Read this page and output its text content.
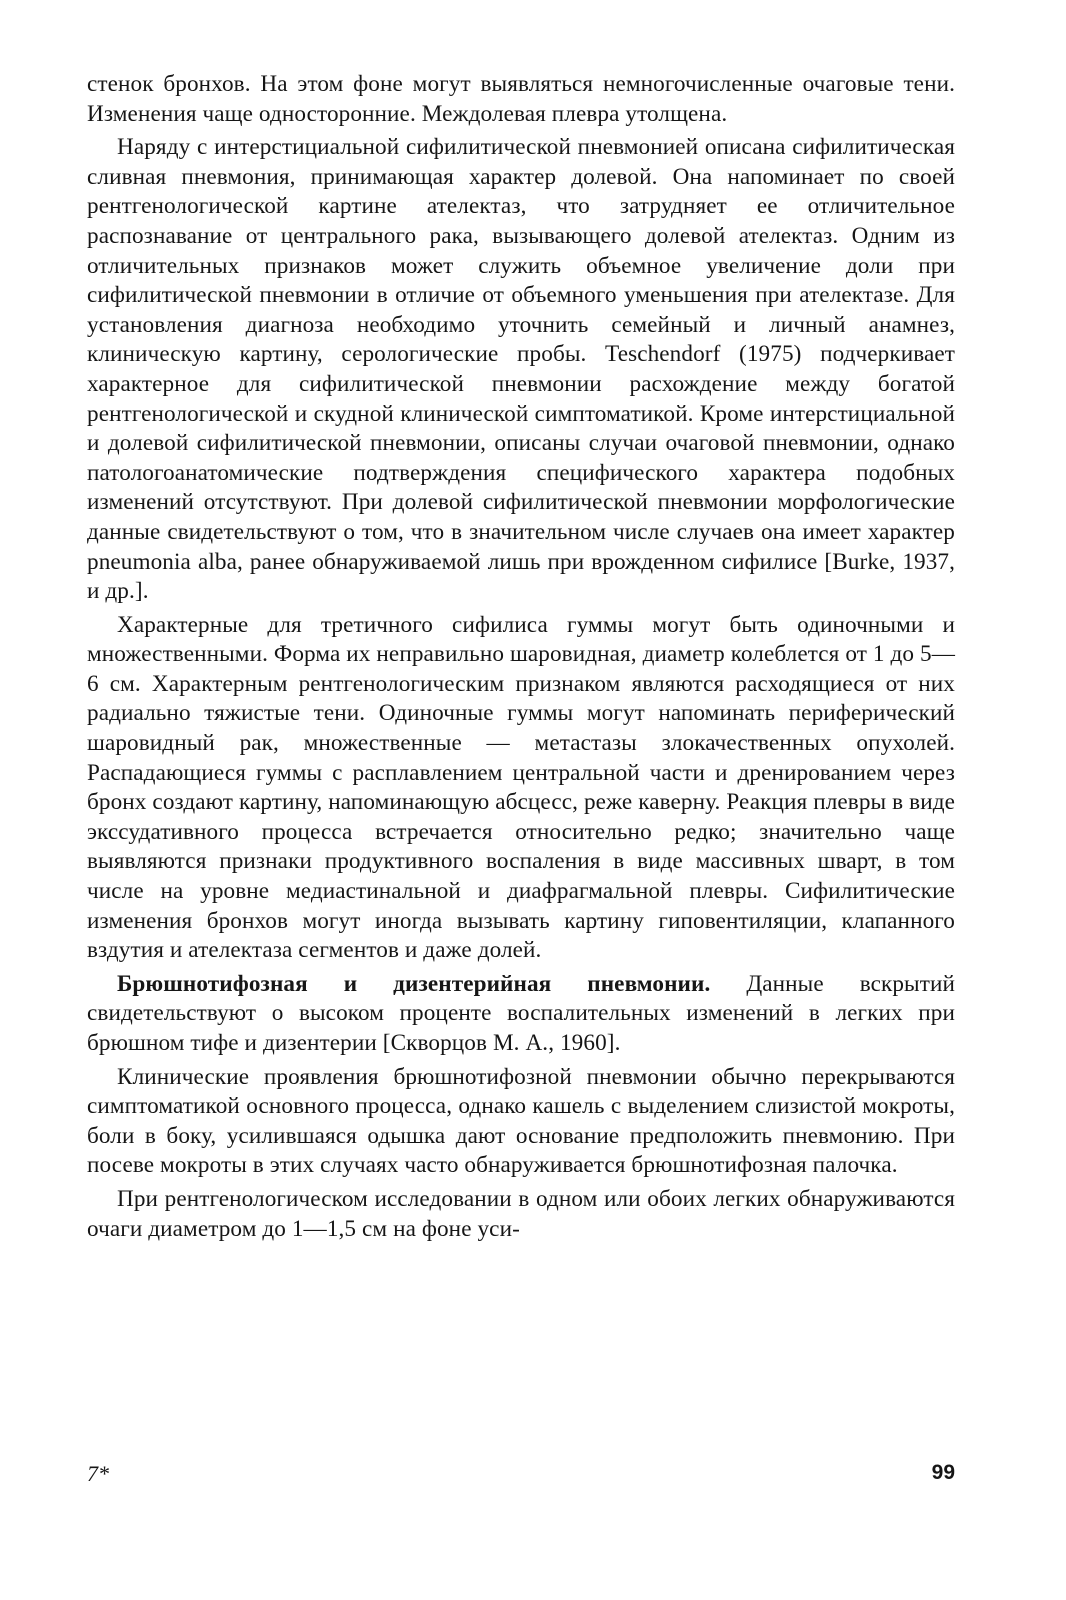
стенок бронхов. На этом фоне могут выявляться немногочисленные очаговые тени. Изменения чаще односторонние. Междолевая плевра утолщена.

Наряду с интерстициальной сифилитической пневмонией описана сифилитическая сливная пневмония, принимающая характер долевой. Она напоминает по своей рентгенологической картине ателектаз, что затрудняет ее отличительное распознавание от центрального рака, вызывающего долевой ателектаз. Одним из отличительных признаков может служить объемное увеличение доли при сифилитической пневмонии в отличие от объемного уменьшения при ателектазе. Для установления диагноза необходимо уточнить семейный и личный анамнез, клиническую картину, серологические пробы. Teschendorf (1975) подчеркивает характерное для сифилитической пневмонии расхождение между богатой рентгенологической и скудной клинической симптоматикой. Кроме интерстициальной и долевой сифилитической пневмонии, описаны случаи очаговой пневмонии, однако патологоанатомические подтверждения специфического характера подобных изменений отсутствуют. При долевой сифилитической пневмонии морфологические данные свидетельствуют о том, что в значительном числе случаев она имеет характер pneumonia alba, ранее обнаруживаемой лишь при врожденном сифилисе [Burke, 1937, и др.].

Характерные для третичного сифилиса гуммы могут быть одиночными и множественными. Форма их неправильно шаровидная, диаметр колеблется от 1 до 5—6 см. Характерным рентгенологическим признаком являются расходящиеся от них радиально тяжистые тени. Одиночные гуммы могут напоминать периферический шаровидный рак, множественные — метастазы злокачественных опухолей. Распадающиеся гуммы с расплавлением центральной части и дренированием через бронх создают картину, напоминающую абсцесс, реже каверну. Реакция плевры в виде экссудативного процесса встречается относительно редко; значительно чаще выявляются признаки продуктивного воспаления в виде массивных шварт, в том числе на уровне медиастинальной и диафрагмальной плевры. Сифилитические изменения бронхов могут иногда вызывать картину гиповентиляции, клапанного вздутия и ателектаза сегментов и даже долей.

Брюшнотифозная и дизентерийная пневмонии. Данные вскрытий свидетельствуют о высоком проценте воспалительных изменений в легких при брюшном тифе и дизентерии [Скворцов М. А., 1960].

Клинические проявления брюшнотифозной пневмонии обычно перекрываются симптоматикой основного процесса, однако кашель с выделением слизистой мокроты, боли в боку, усилившаяся одышка дают основание предположить пневмонию. При посеве мокроты в этих случаях часто обнаруживается брюшнотифозная палочка.

При рентгенологическом исследовании в одном или обоих легких обнаруживаются очаги диаметром до 1—1,5 см на фоне уси-

7*	99
